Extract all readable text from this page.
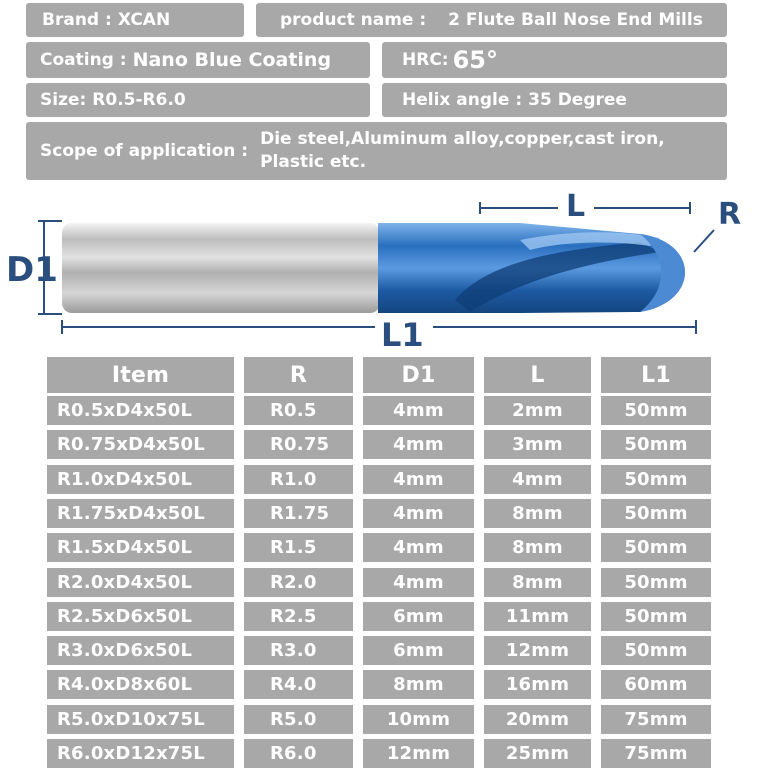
Brand : XCAN	product name : 2 Flute Ball Nose End Mills
Coating : Nano Blue Coating	HRC: 65°
Size: R0.5-R6.0	Helix angle : 35 Degree
Scope of application :
Die steel,Aluminum alloy,copper,cast iron,
Plastic etc.
D1
L	R
L1
Item	R	D1	L	L1
R0.5xD4x50L	R0.5	4mm	2mm	50mm
R0.75xD4x50L	R0.75	4mm	3mm	50mm
R1.0xD4x50L	R1.0	4mm	4mm	50mm
R1.75xD4x50L	R1.75	4mm	8mm	50mm
R1.5xD4x50L	R1.5	4mm	8mm	50mm
R2.0xD4x50L	R2.0	4mm	8mm	50mm
R2.5xD6x50L	R2.5	6mm	11mm	50mm
R3.0xD6x50L	R3.0	6mm	12mm	50mm
R4.0xD8x60L	R4.0	8mm	16mm	60mm
R5.0xD10x75L	R5.0	10mm	20mm	75mm
R6.0xD12x75L	R6.0	12mm	25mm	75mm
